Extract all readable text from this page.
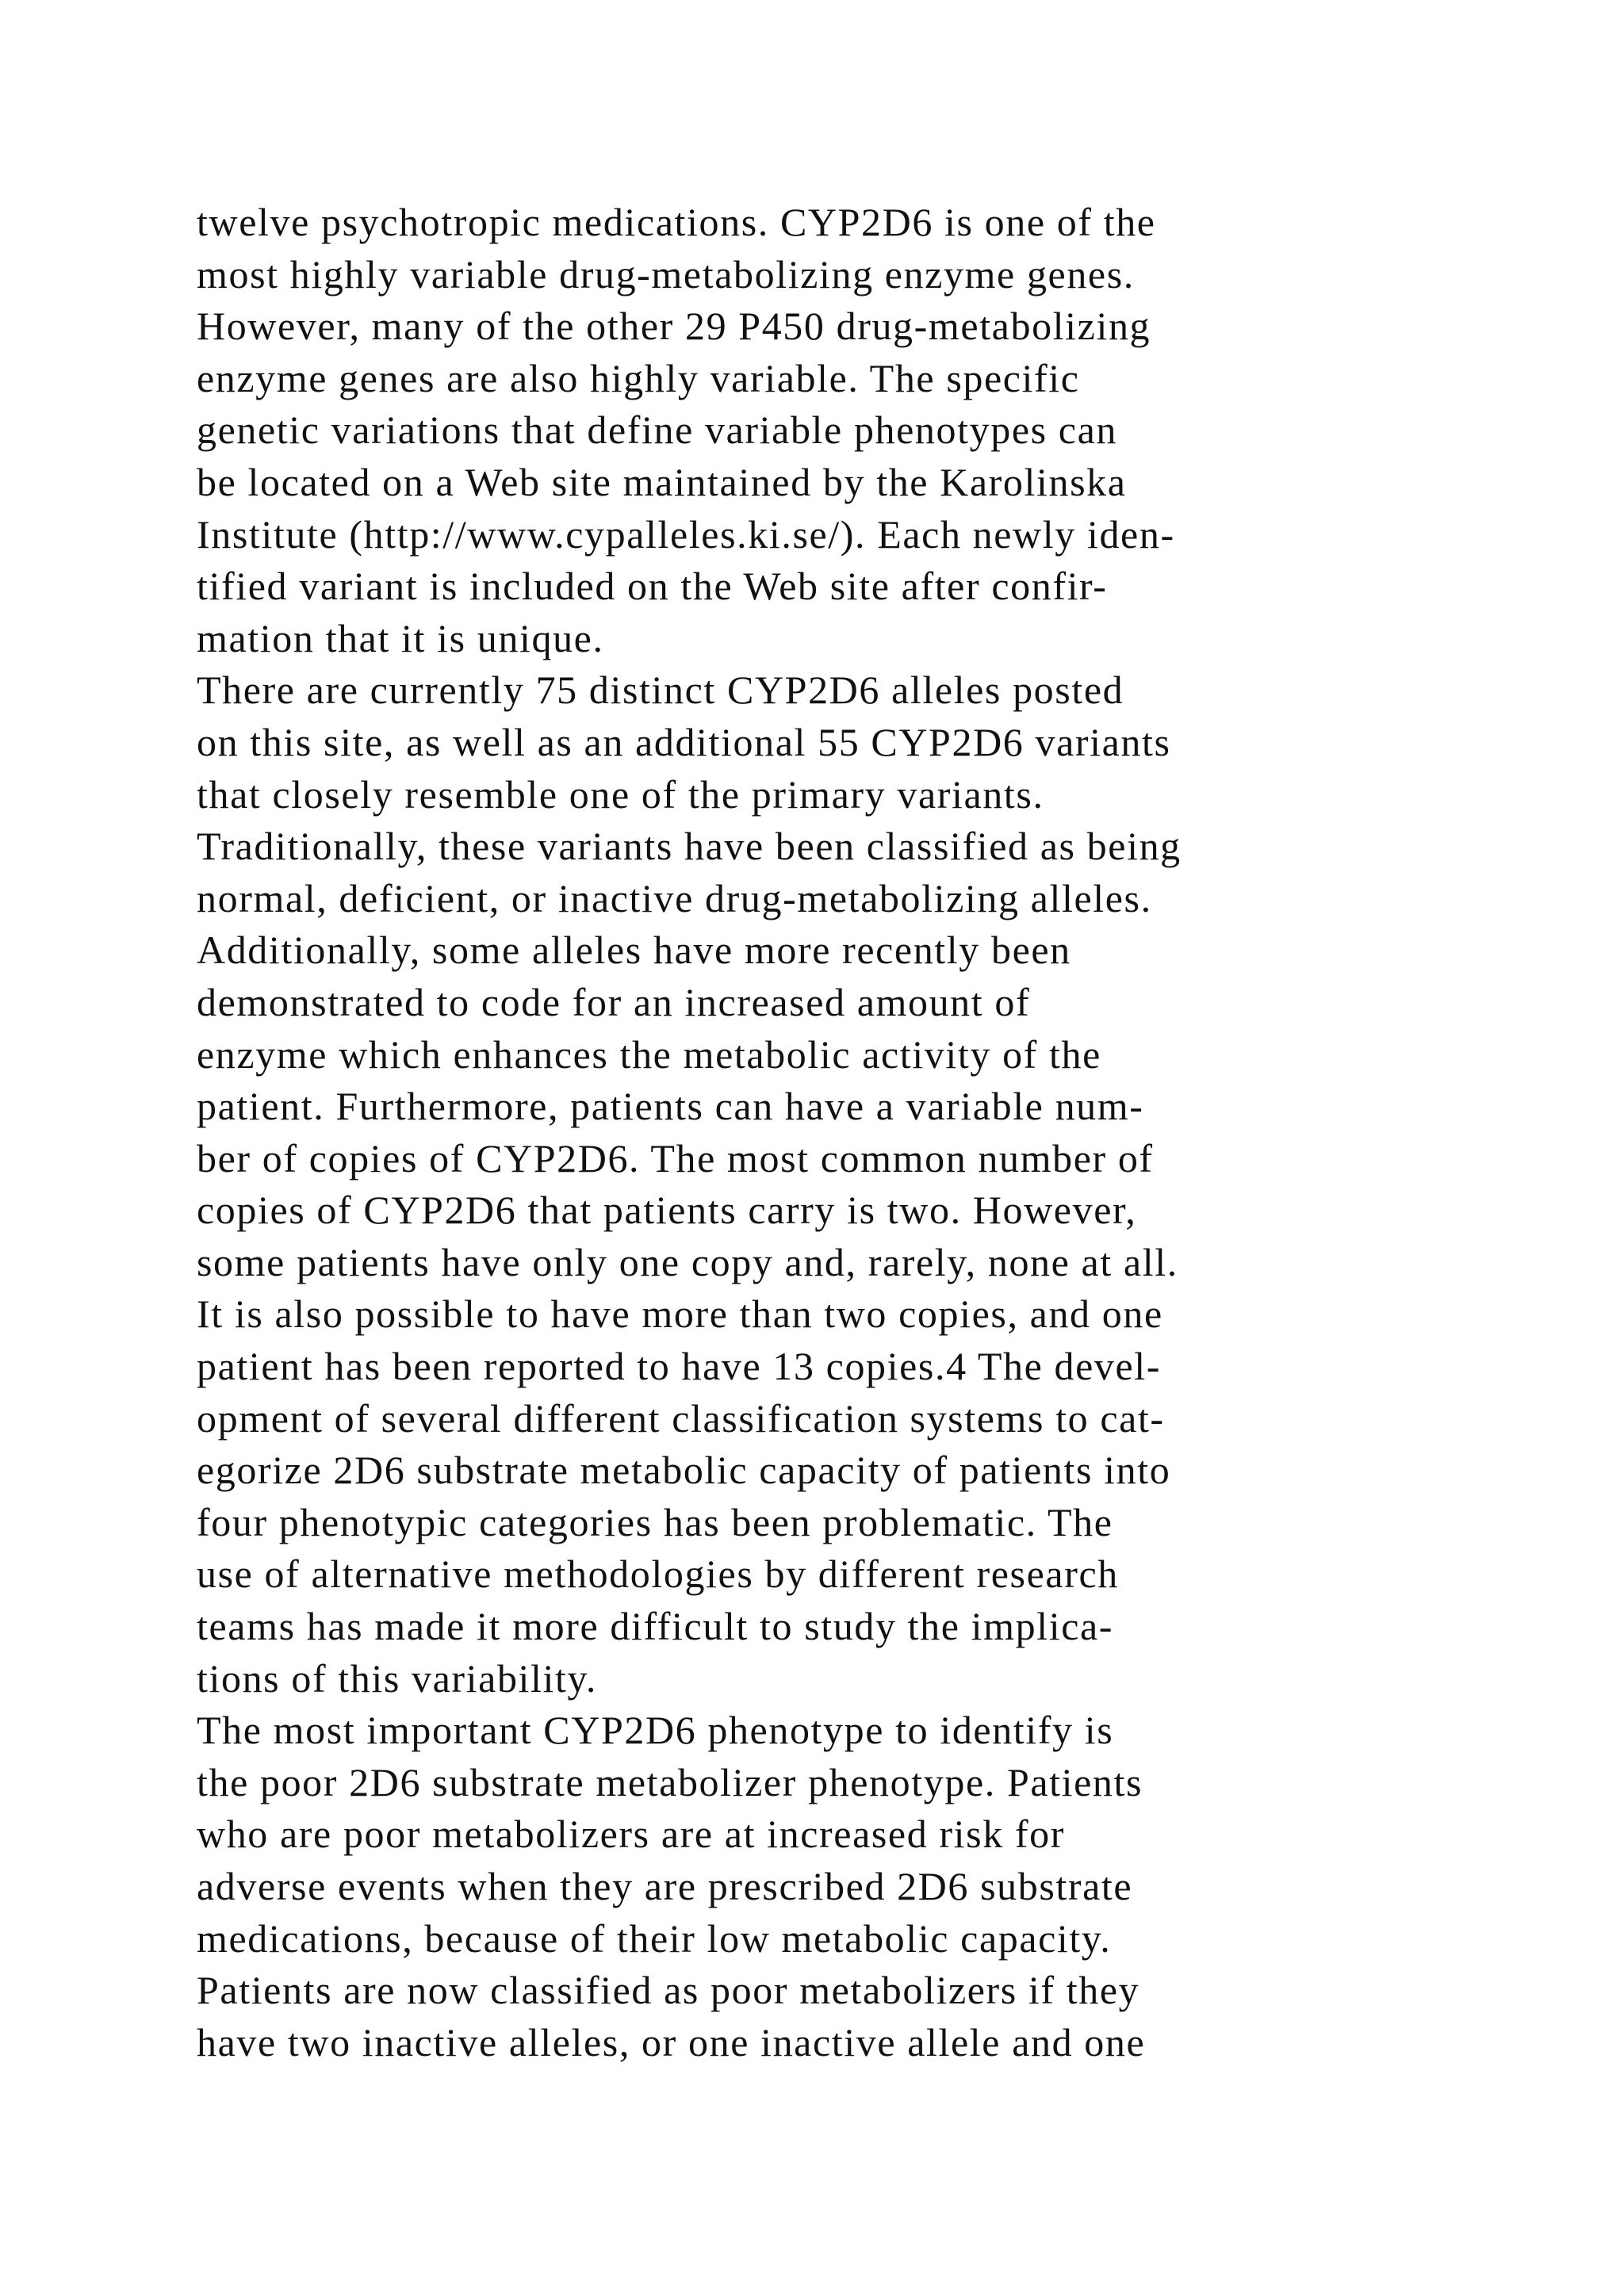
twelve psychotropic medications. CYP2D6 is one of the
most highly variable drug-metabolizing enzyme genes.
However, many of the other 29 P450 drug-metabolizing
enzyme genes are also highly variable. The specific
genetic variations that define variable phenotypes can
be located on a Web site maintained by the Karolinska
Institute (http://www.cypalleles.ki.se/). Each newly iden-
tified variant is included on the Web site after confir-
mation that it is unique.
There are currently 75 distinct CYP2D6 alleles posted
on this site, as well as an additional 55 CYP2D6 variants
that closely resemble one of the primary variants.
Traditionally, these variants have been classified as being
normal, deficient, or inactive drug-metabolizing alleles.
Additionally, some alleles have more recently been
demonstrated to code for an increased amount of
enzyme which enhances the metabolic activity of the
patient. Furthermore, patients can have a variable num-
ber of copies of CYP2D6. The most common number of
copies of CYP2D6 that patients carry is two. However,
some patients have only one copy and, rarely, none at all.
It is also possible to have more than two copies, and one
patient has been reported to have 13 copies.4 The devel-
opment of several different classification systems to cat-
egorize 2D6 substrate metabolic capacity of patients into
four phenotypic categories has been problematic. The
use of alternative methodologies by different research
teams has made it more difficult to study the implica-
tions of this variability.
The most important CYP2D6 phenotype to identify is
the poor 2D6 substrate metabolizer phenotype. Patients
who are poor metabolizers are at increased risk for
adverse events when they are prescribed 2D6 substrate
medications, because of their low metabolic capacity.
Patients are now classified as poor metabolizers if they
have two inactive alleles, or one inactive allele and one
